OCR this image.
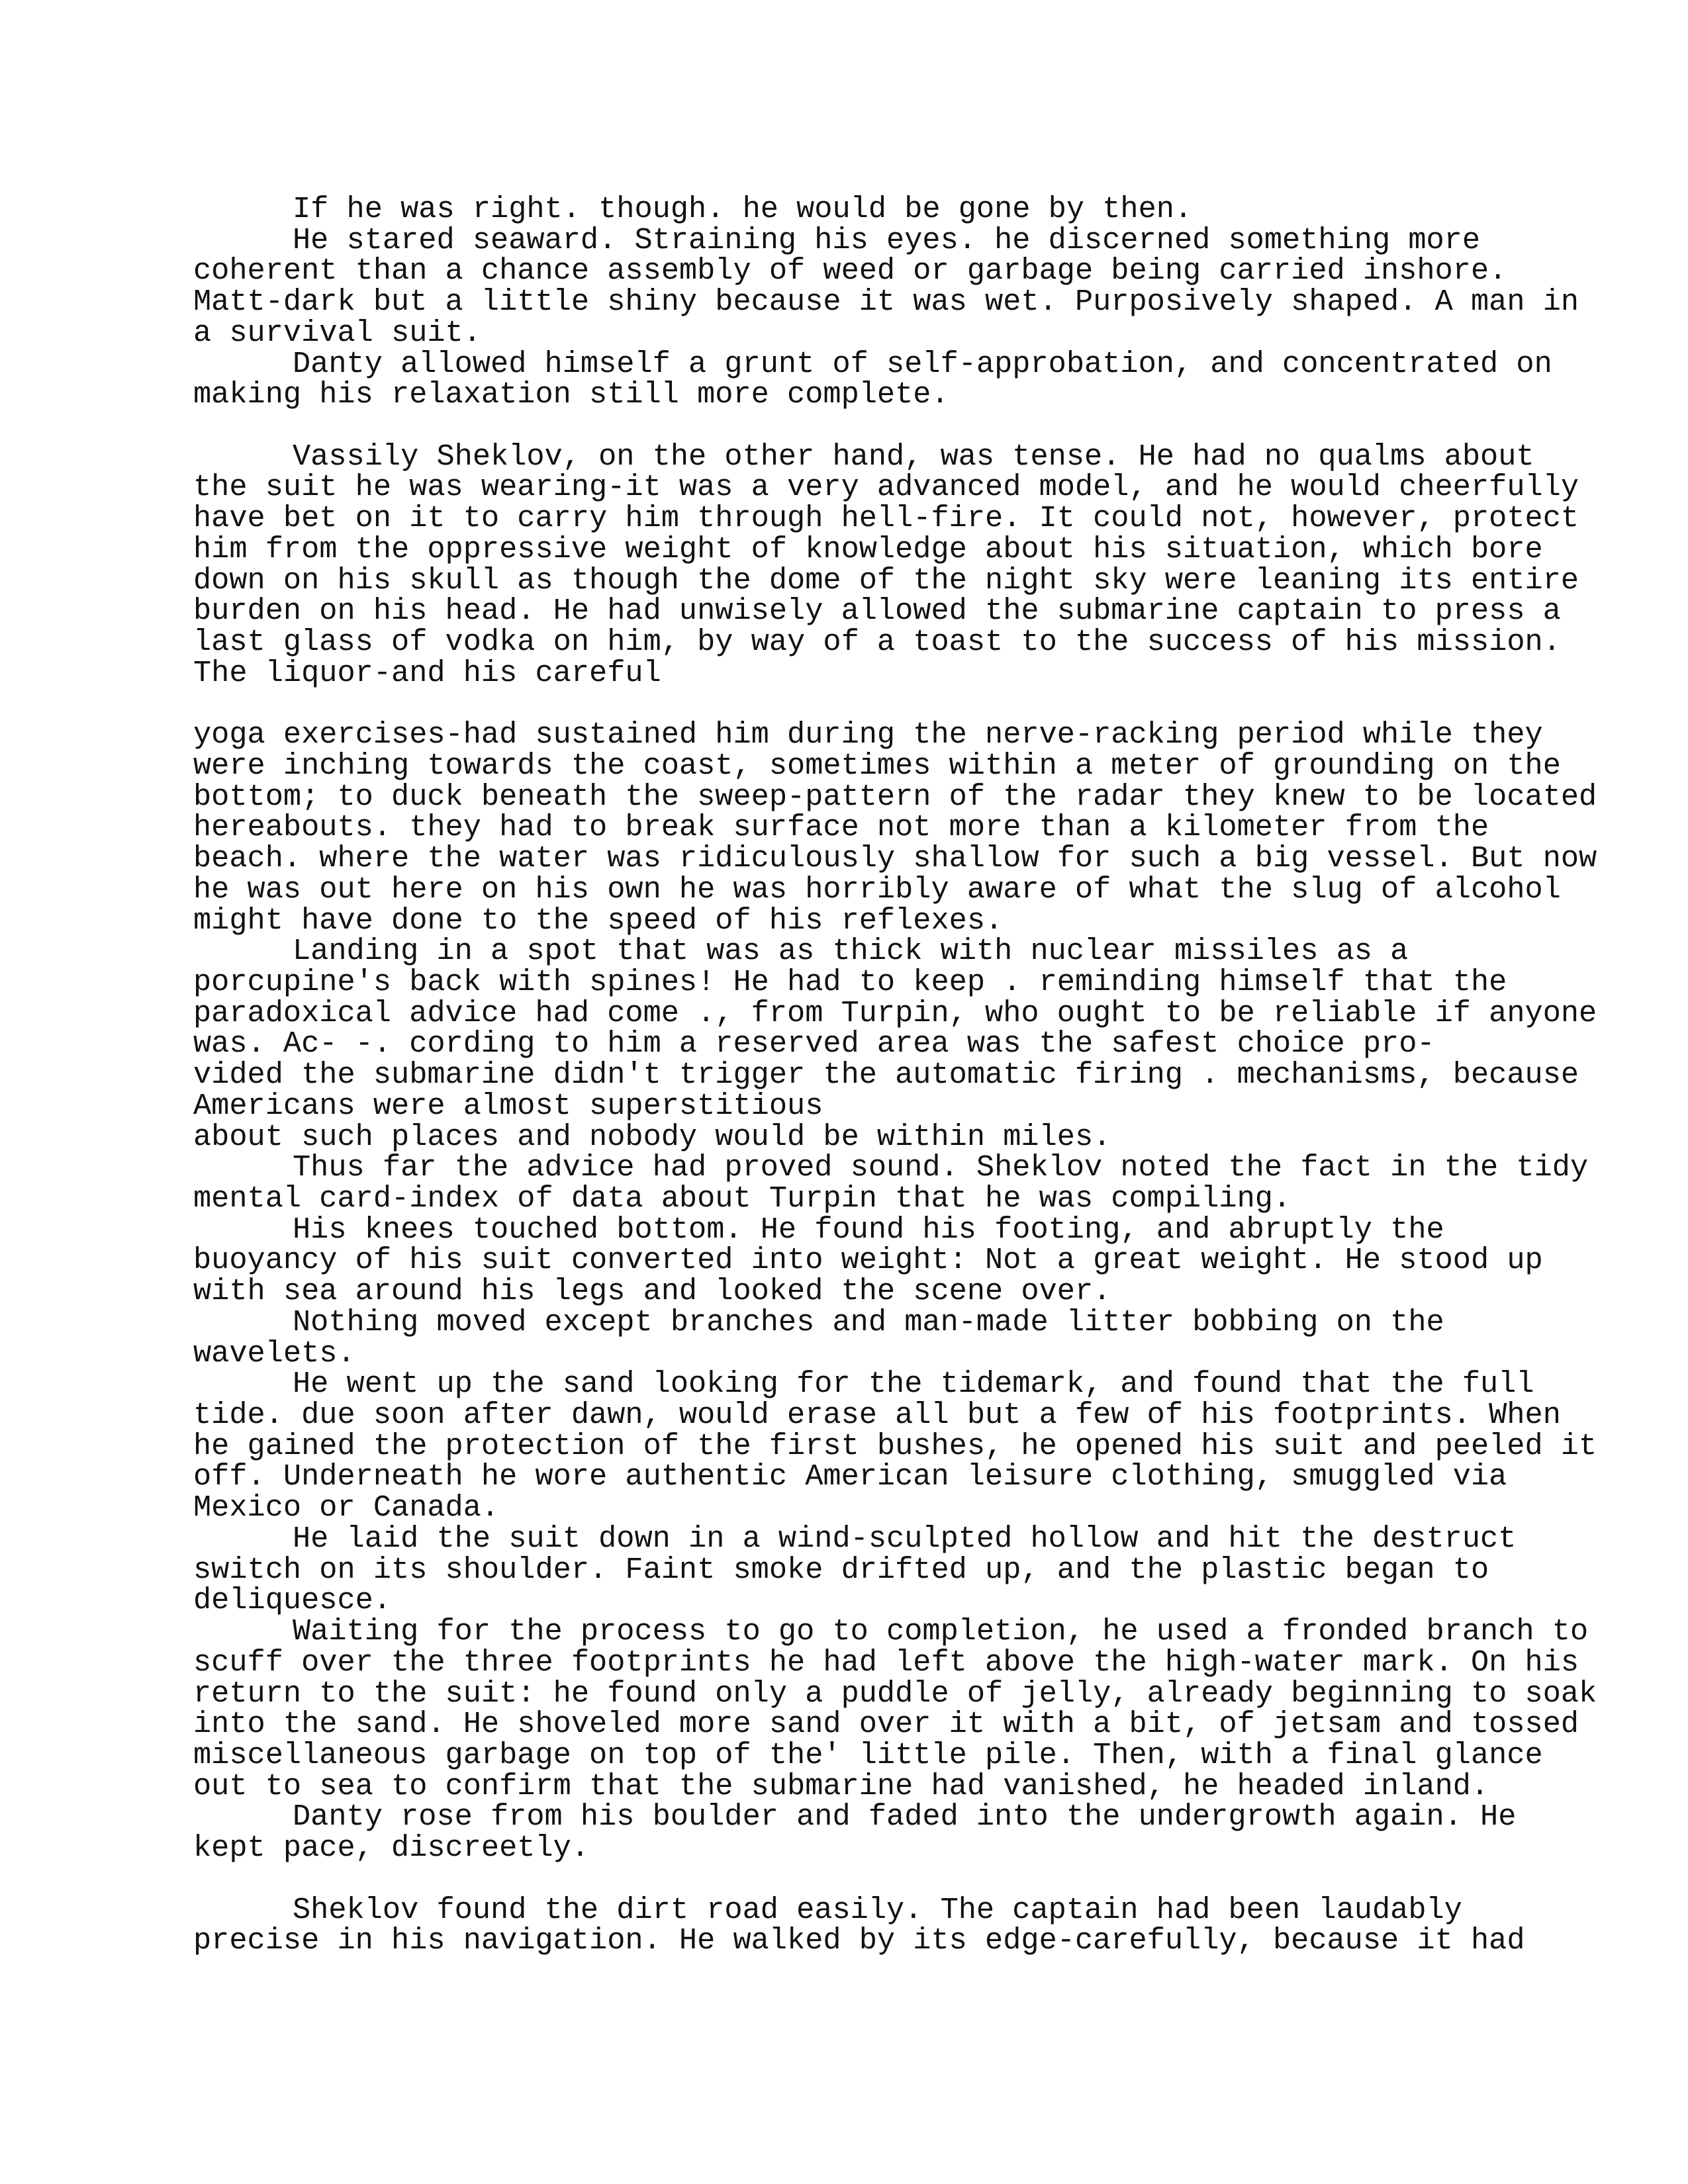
If he was right. though. he would be gone by then.

He stared seaward. Straining his eyes. he discerned something more

coherent than a chance assembly of weed or garbage being carried inshore.

Matt-dark but a little shiny because it was wet. Purposively shaped. A man in

a survival suit.

Danty allowed himself a grunt of self-approbation, and concentrated on

making his relaxation still more complete.

Vassily Sheklov, on the other hand, was tense. He had no qualms about

the suit he was wearing-it was a very advanced model, and he would cheerfully

have bet on it to carry him through hell-fire. It could not, however, protect

him from the oppressive weight of knowledge about his situation, which bore

down on his skull as though the dome of the night sky were leaning its entire

burden on his head. He had unwisely allowed the submarine captain to press a

last glass of vodka on him, by way of a toast to the success of his mission.

The liquor-and his careful

yoga exercises-had sustained him during the nerve-racking period while they

were inching towards the coast, sometimes within a meter of grounding on the

bottom; to duck beneath the sweep-pattern of the radar they knew to be located

hereabouts. they had to break surface not more than a kilometer from the

beach. where the water was ridiculously shallow for such a big vessel. But now

he was out here on his own he was horribly aware of what the slug of alcohol

might have done to the speed of his reflexes.

Landing in a spot that was as thick with nuclear missiles as a

porcupine's back with spines! He had to keep . reminding himself that the

paradoxical advice had come ., from Turpin, who ought to be reliable if anyone

was. Ac- -. cording to him a reserved area was the safest choice pro-

vided the submarine didn't trigger the automatic firing . mechanisms, because

Americans were almost superstitious

about such places and nobody would be within miles.

Thus far the advice had proved sound. Sheklov noted the fact in the tidy

mental card-index of data about Turpin that he was compiling.

His knees touched bottom. He found his footing, and abruptly the

buoyancy of his suit converted into weight: Not a great weight. He stood up

with sea around his legs and looked the scene over.

Nothing moved except branches and man-made litter bobbing on the

wavelets.

He went up the sand looking for the tidemark, and found that the full

tide. due soon after dawn, would erase all but a few of his footprints. When

he gained the protection of the first bushes, he opened his suit and peeled it

off. Underneath he wore authentic American leisure clothing, smuggled via

Mexico or Canada.

He laid the suit down in a wind-sculpted hollow and hit the destruct

switch on its shoulder. Faint smoke drifted up, and the plastic began to

deliquesce.

Waiting for the process to go to completion, he used a fronded branch to

scuff over the three footprints he had left above the high-water mark. On his

return to the suit: he found only a puddle of jelly, already beginning to soak

into the sand. He shoveled more sand over it with a bit, of jetsam and tossed

miscellaneous garbage on top of the' little pile. Then, with a final glance

out to sea to confirm that the submarine had vanished, he headed inland.

Danty rose from his boulder and faded into the undergrowth again. He

kept pace, discreetly.

Sheklov found the dirt road easily. The captain had been laudably

precise in his navigation. He walked by its edge-carefully, because it had
